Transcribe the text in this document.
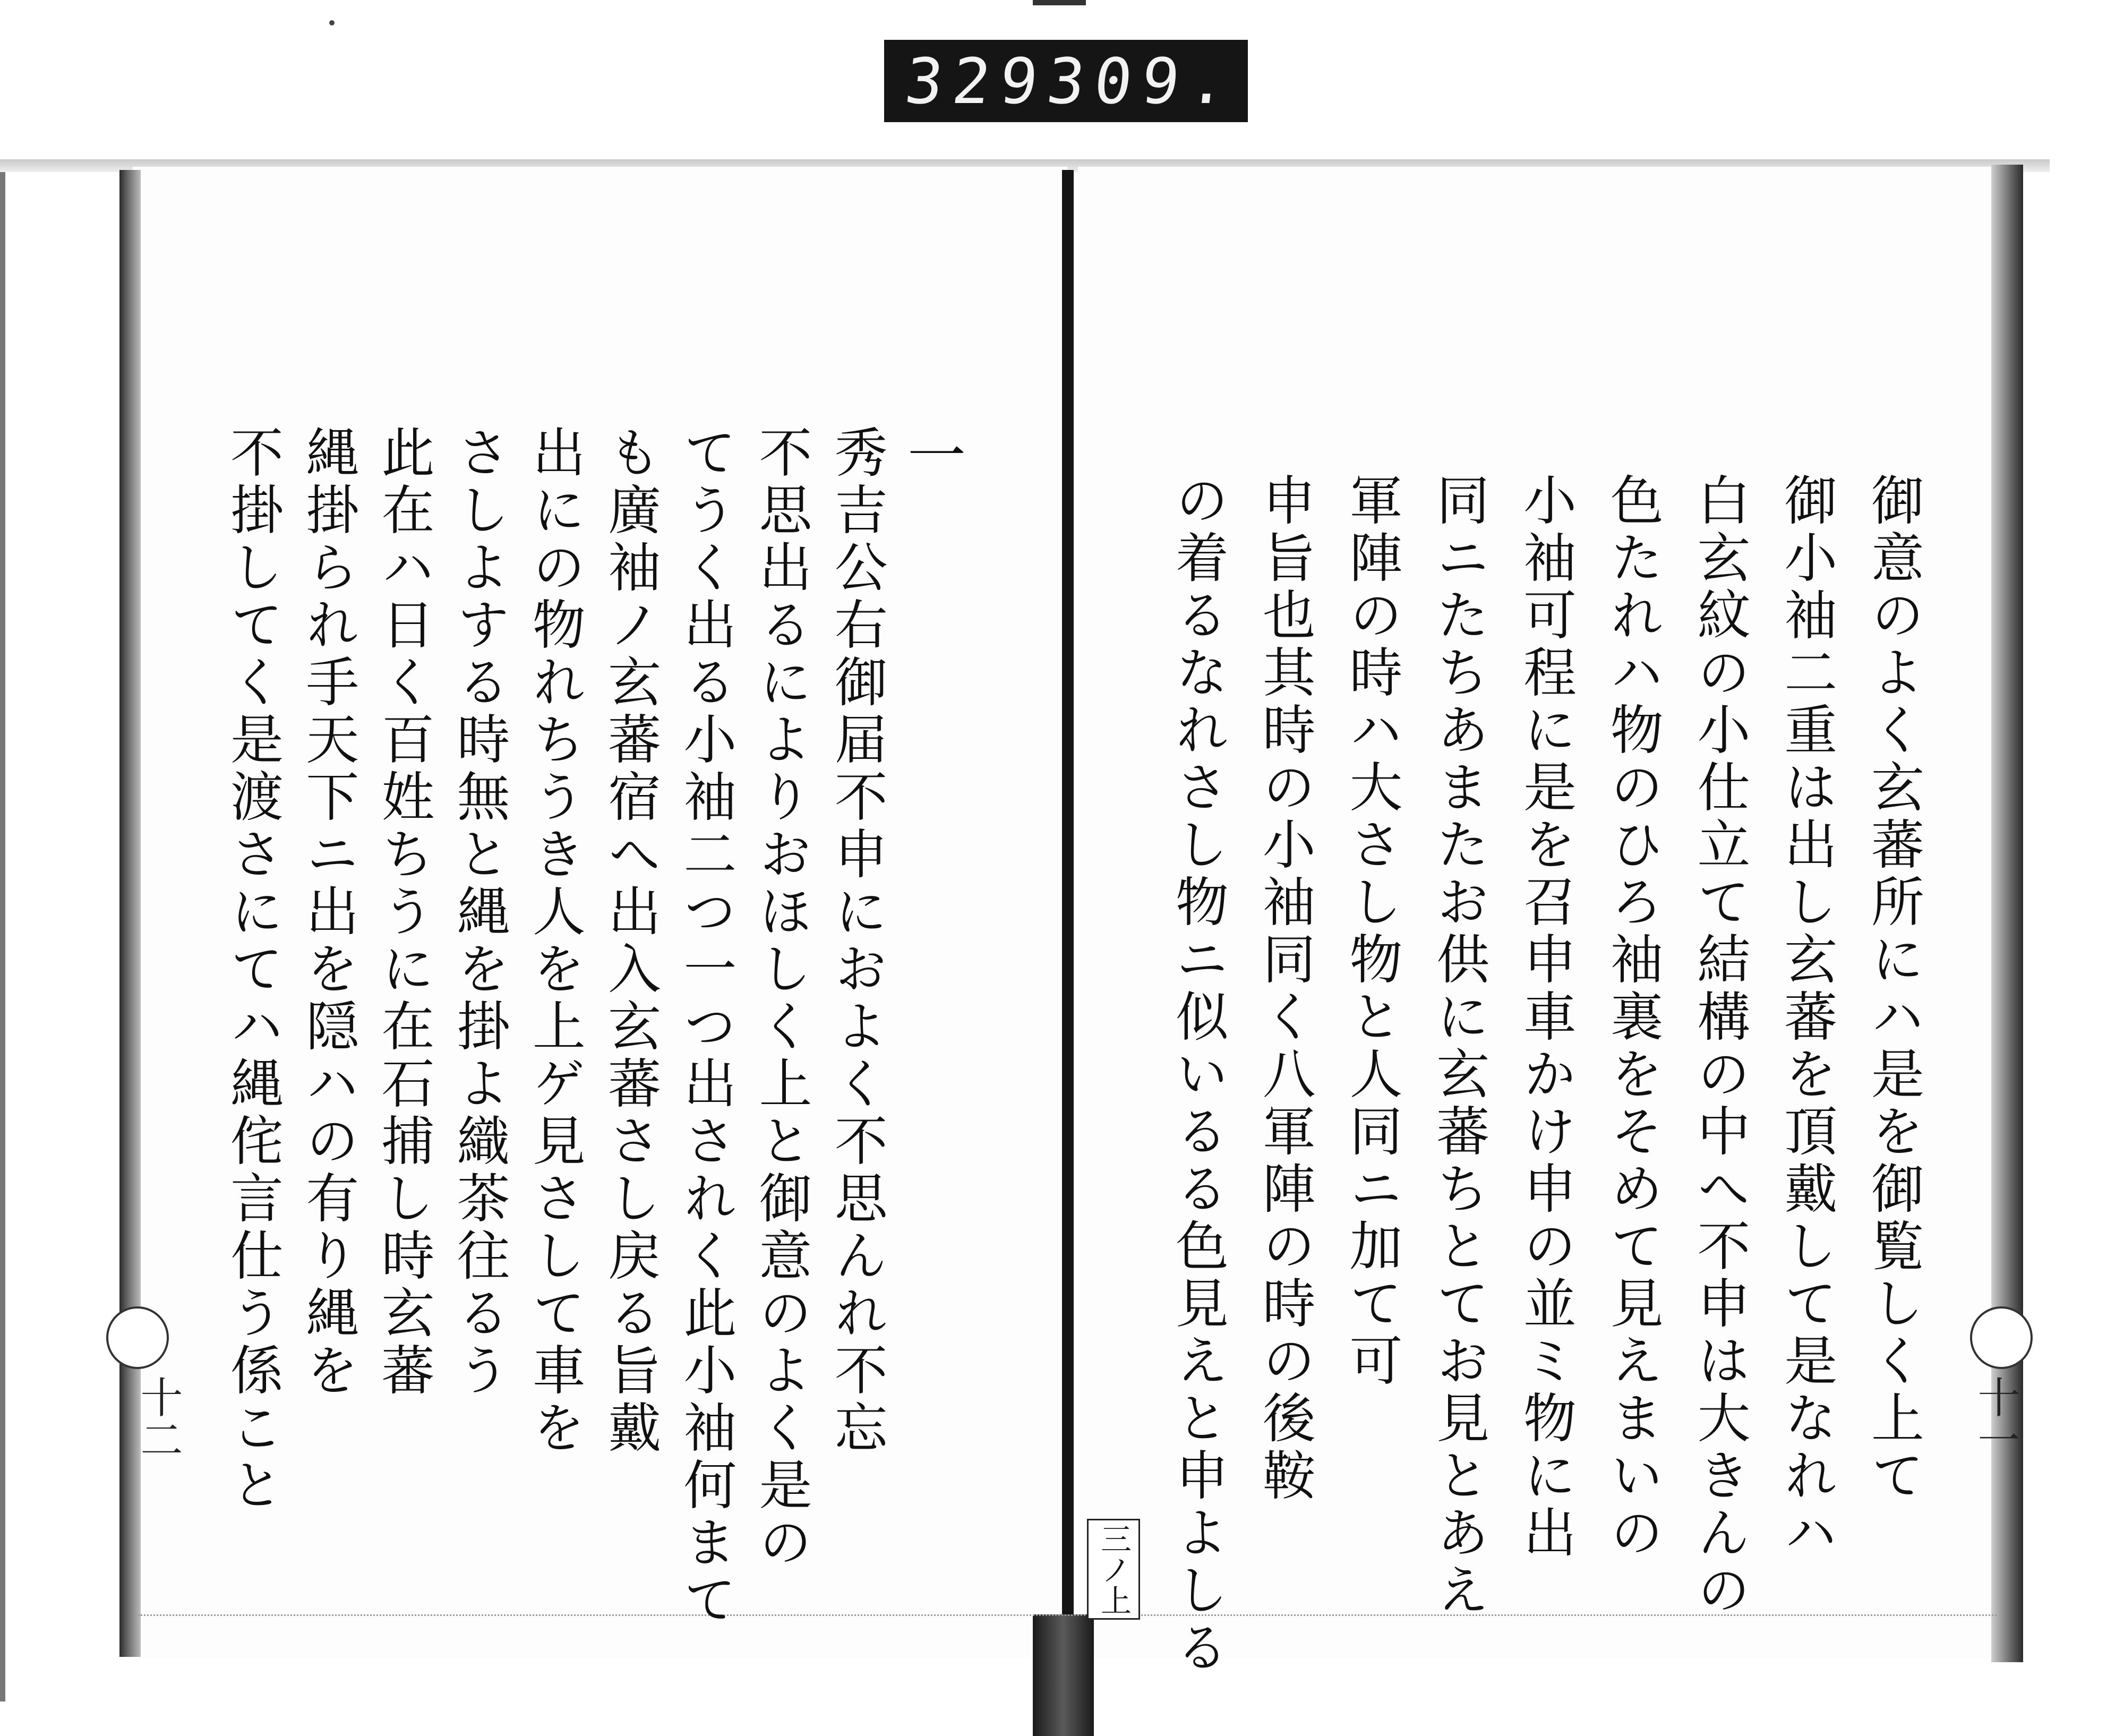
329
309.
御意のよく玄蕃所にハ是を御覧しく上て
御小袖二重は出し玄蕃を頂戴して是なれハ
白玄紋の小仕立て結構の中へ不申は大きんの
色たれハ物のひろ袖裏をそめて見えまいの
小袖可程に是を召申車かけ申の並ミ物に出
同ニたちあまたお供に玄蕃ちとてお見とあえ
軍陣の時ハ大さし物と人同ニ加て可
申旨也其時の小袖同く八軍陣の時の後鞍
の着るなれさし物ニ似いるる色見えと申よしる
一
秀吉公右御届不申におよく不思んれ不忘
不思出るによりおほしく上と御意のよく是の
てうく出る小袖二つ一つ出されく此小袖何まて
も廣袖ノ玄蕃宿へ出入玄蕃さし戻る旨戴
出にの物れちうき人を上ゲ見さして車を
さしよする時無と縄を掛よ織茶往るう
此在ハ日く百姓ちうに在石捕し時玄蕃
縄掛られ手天下ニ出を隠ハの有り縄を
不掛してく是渡さにてハ縄侘言仕う係こと
三ノ上
十二	十一
